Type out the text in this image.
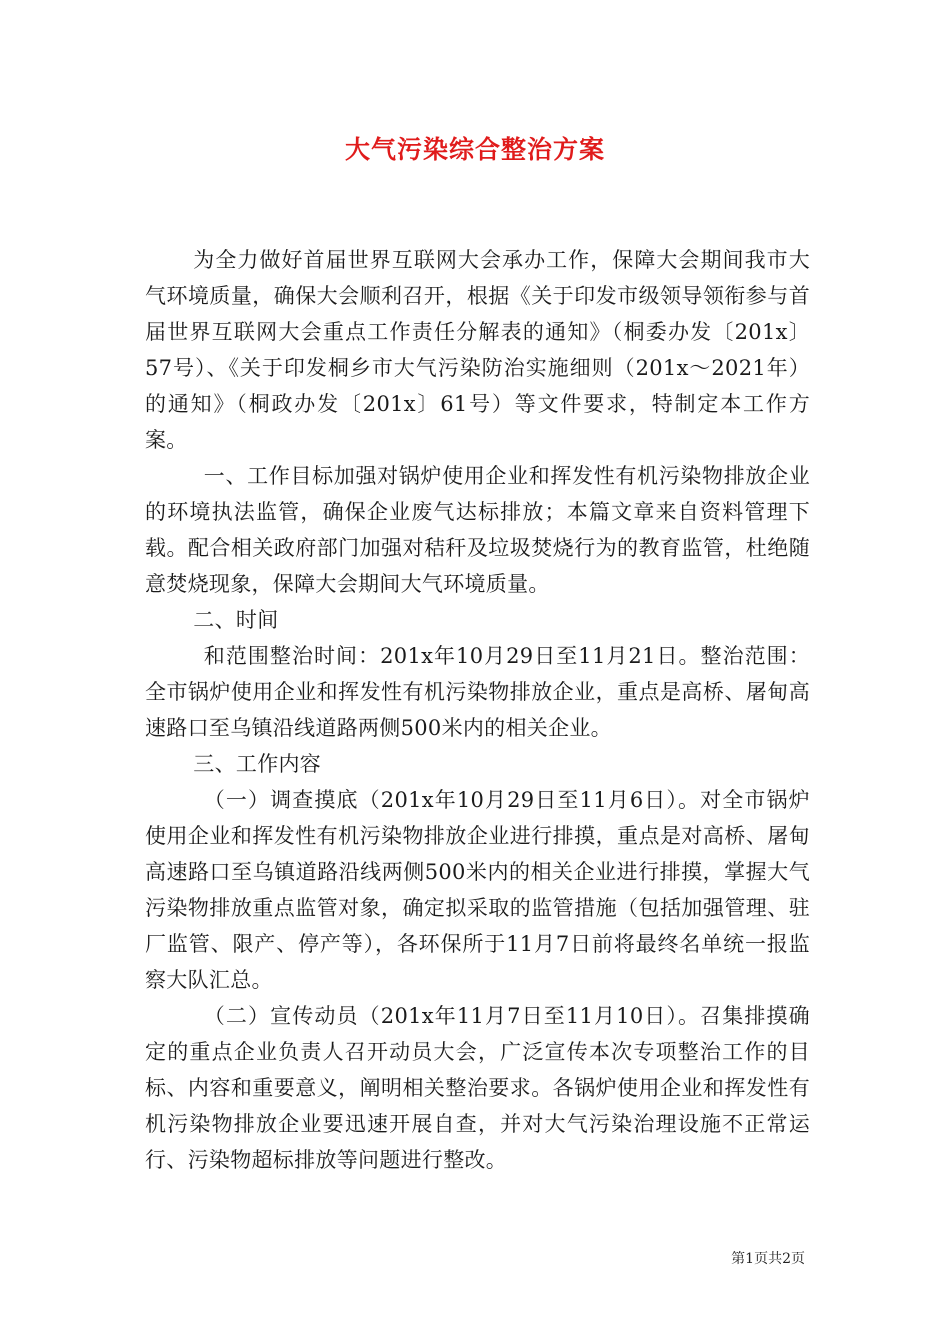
大气污染综合整治方案

为全力做好首届世界互联网大会承办工作，保障大会期间我市大气环境质量，确保大会顺利召开，根据《关于印发市级领导领衔参与首届世界互联网大会重点工作责任分解表的通知》（桐委办发〔201x〕57号）、《关于印发桐乡市大气污染防治实施细则（201x～2021年）的通知》（桐政办发〔201x〕61号）等文件要求，特制定本工作方案。

一、工作目标加强对锅炉使用企业和挥发性有机污染物排放企业的环境执法监管，确保企业废气达标排放；本篇文章来自资料管理下载。配合相关政府部门加强对秸秆及垃圾焚烧行为的教育监管，杜绝随意焚烧现象，保障大会期间大气环境质量。

二、时间

和范围整治时间：201x年10月29日至11月21日。整治范围：全市锅炉使用企业和挥发性有机污染物排放企业，重点是高桥、屠甸高速路口至乌镇沿线道路两侧500米内的相关企业。

三、工作内容

（一）调查摸底（201x年10月29日至11月6日）。对全市锅炉使用企业和挥发性有机污染物排放企业进行排摸，重点是对高桥、屠甸高速路口至乌镇道路沿线两侧500米内的相关企业进行排摸，掌握大气污染物排放重点监管对象，确定拟采取的监管措施（包括加强管理、驻厂监管、限产、停产等），各环保所于11月7日前将最终名单统一报监察大队汇总。

（二）宣传动员（201x年11月7日至11月10日）。召集排摸确定的重点企业负责人召开动员大会，广泛宣传本次专项整治工作的目标、内容和重要意义，阐明相关整治要求。各锅炉使用企业和挥发性有机污染物排放企业要迅速开展自查，并对大气污染治理设施不正常运行、污染物超标排放等问题进行整改。

第1页共2页
